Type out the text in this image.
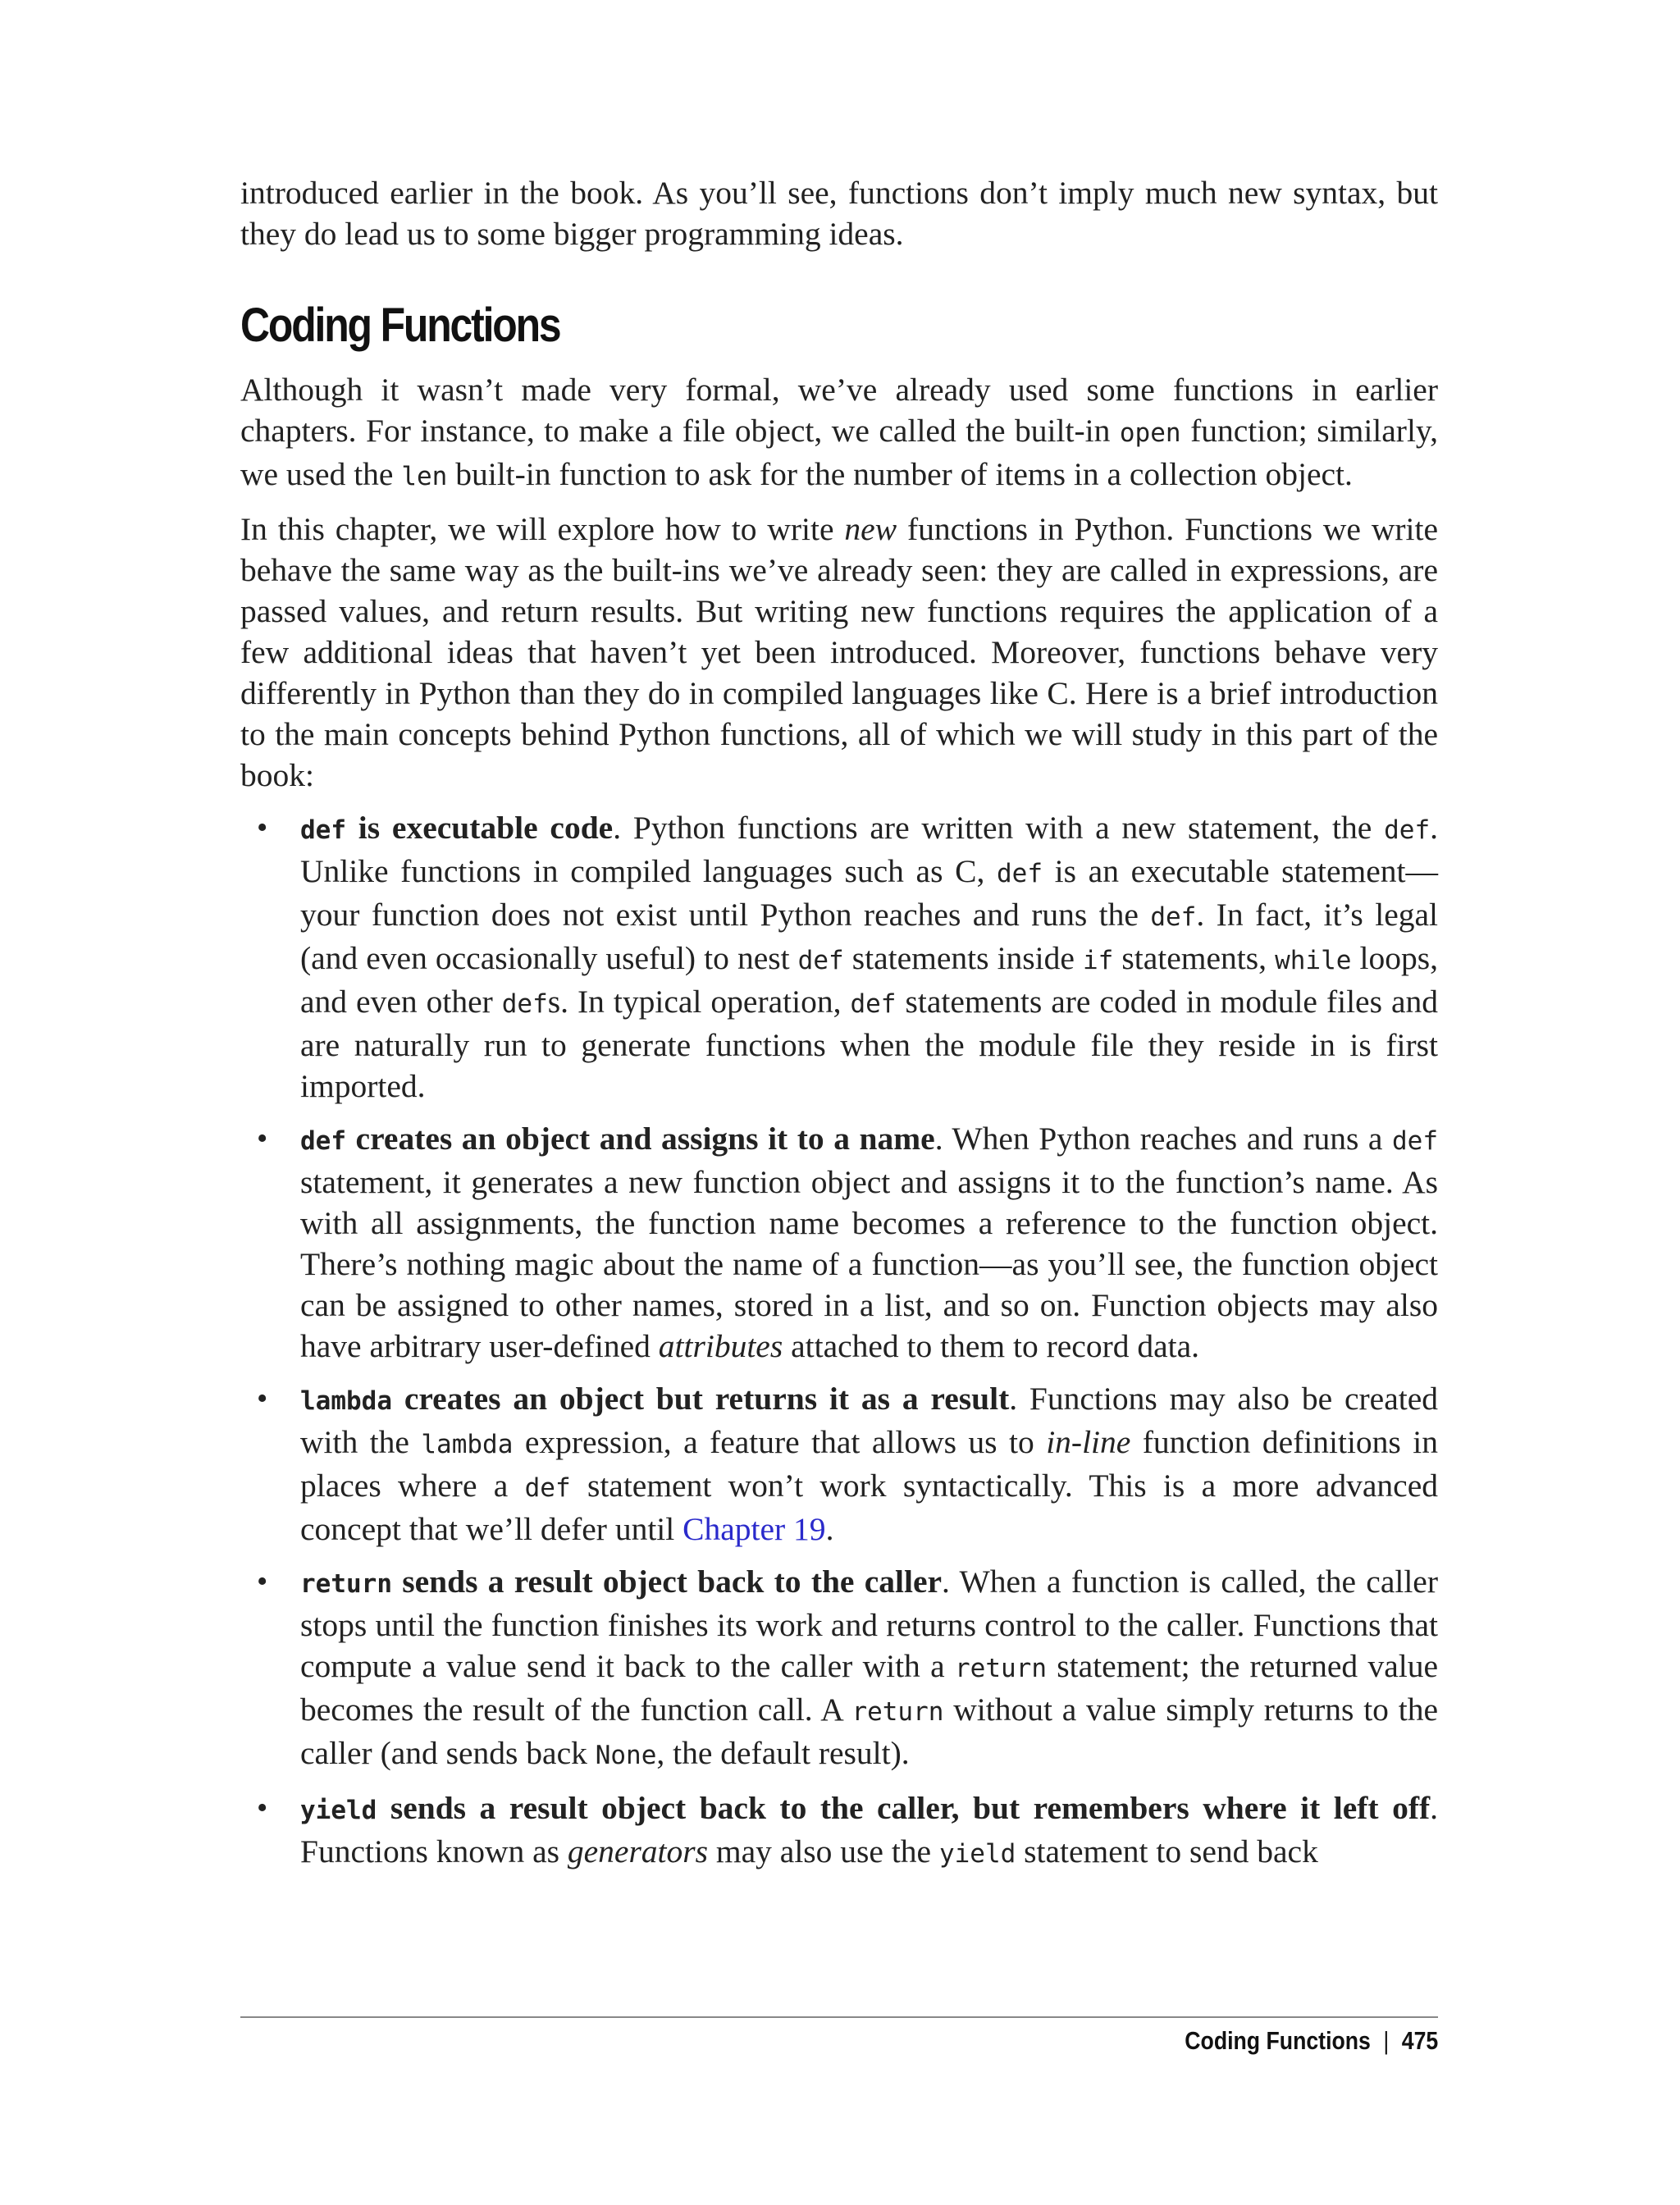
introduced earlier in the book. As you’ll see, functions don’t imply much new syntax, but they do lead us to some bigger programming ideas.

Coding Functions

Although it wasn’t made very formal, we’ve already used some functions in earlier chapters. For instance, to make a file object, we called the built-in open function; similarly, we used the len built-in function to ask for the number of items in a collection object.

In this chapter, we will explore how to write new functions in Python. Functions we write behave the same way as the built-ins we’ve already seen: they are called in expressions, are passed values, and return results. But writing new functions requires the application of a few additional ideas that haven’t yet been introduced. Moreover, functions behave very differently in Python than they do in compiled languages like C. Here is a brief introduction to the main concepts behind Python functions, all of which we will study in this part of the book:

• def is executable code. Python functions are written with a new statement, the def. Unlike functions in compiled languages such as C, def is an executable statement—your function does not exist until Python reaches and runs the def. In fact, it’s legal (and even occasionally useful) to nest def statements inside if statements, while loops, and even other defs. In typical operation, def statements are coded in module files and are naturally run to generate functions when the module file they reside in is first imported.
• def creates an object and assigns it to a name. When Python reaches and runs a def statement, it generates a new function object and assigns it to the function’s name. As with all assignments, the function name becomes a reference to the function object. There’s nothing magic about the name of a function—as you’ll see, the function object can be assigned to other names, stored in a list, and so on. Function objects may also have arbitrary user-defined attributes attached to them to record data.
• lambda creates an object but returns it as a result. Functions may also be created with the lambda expression, a feature that allows us to in-line function definitions in places where a def statement won’t work syntactically. This is a more advanced concept that we’ll defer until Chapter 19.
• return sends a result object back to the caller. When a function is called, the caller stops until the function finishes its work and returns control to the caller. Functions that compute a value send it back to the caller with a return statement; the returned value becomes the result of the function call. A return without a value simply returns to the caller (and sends back None, the default result).
• yield sends a result object back to the caller, but remembers where it left off. Functions known as generators may also use the yield statement to send back
Coding Functions | 475
